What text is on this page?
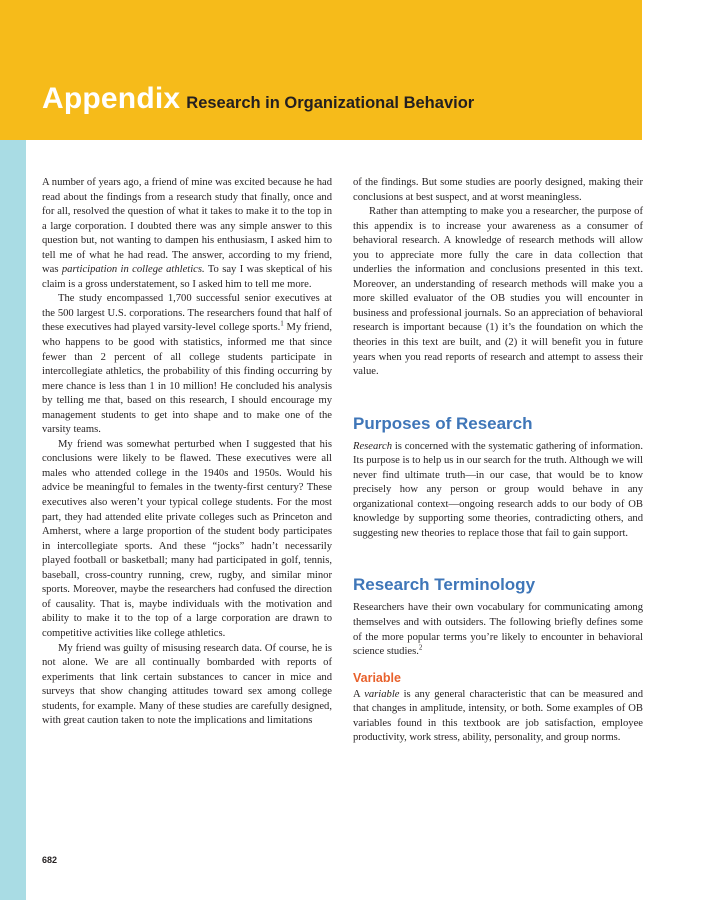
Appendix Research in Organizational Behavior

A number of years ago, a friend of mine was excited because he had read about the findings from a research study that finally, once and for all, resolved the question of what it takes to make it to the top in a large corporation. I doubted there was any simple answer to this question but, not wanting to dampen his enthusiasm, I asked him to tell me of what he had read. The answer, according to my friend, was participation in college athletics. To say I was skeptical of his claim is a gross understatement, so I asked him to tell me more.

The study encompassed 1,700 successful senior executives at the 500 largest U.S. corporations. The researchers found that half of these executives had played varsity-level college sports.$^1$ My friend, who happens to be good with statistics, informed me that since fewer than 2 percent of all college students participate in intercollegiate athletics, the probability of this finding occurring by mere chance is less than 1 in 10 million! He concluded his analysis by telling me that, based on this research, I should encourage my management students to get into shape and to make one of the varsity teams.

My friend was somewhat perturbed when I suggested that his conclusions were likely to be flawed. These executives were all males who attended college in the 1940s and 1950s. Would his advice be meaningful to females in the twenty-first century? These executives also weren’t your typical college students. For the most part, they had attended elite private colleges such as Princeton and Amherst, where a large proportion of the student body participates in intercollegiate sports. And these “jocks” hadn’t necessarily played football or basketball; many had participated in golf, tennis, baseball, cross-country running, crew, rugby, and similar minor sports. Moreover, maybe the researchers had confused the direction of causality. That is, maybe individuals with the motivation and ability to make it to the top of a large corporation are drawn to competitive activities like college athletics.

My friend was guilty of misusing research data. Of course, he is not alone. We are all continually bombarded with reports of experiments that link certain substances to cancer in mice and surveys that show changing attitudes toward sex among college students, for example. Many of these studies are carefully designed, with great caution taken to note the implications and limitations

of the findings. But some studies are poorly designed, making their conclusions at best suspect, and at worst meaningless.

Rather than attempting to make you a researcher, the purpose of this appendix is to increase your awareness as a consumer of behavioral research. A knowledge of research methods will allow you to appreciate more fully the care in data collection that underlies the information and conclusions presented in this text. Moreover, an understanding of research methods will make you a more skilled evaluator of the OB studies you will encounter in business and professional journals. So an appreciation of behavioral research is important because (1) it’s the foundation on which the theories in this text are built, and (2) it will benefit you in future years when you read reports of research and attempt to assess their value.

Purposes of Research

Research is concerned with the systematic gathering of information. Its purpose is to help us in our search for the truth. Although we will never find ultimate truth—in our case, that would be to know precisely how any person or group would behave in any organizational context—ongoing research adds to our body of OB knowledge by supporting some theories, contradicting others, and suggesting new theories to replace those that fail to gain support.

Research Terminology

Researchers have their own vocabulary for communicating among themselves and with outsiders. The following briefly defines some of the more popular terms you’re likely to encounter in behavioral science studies.$^2$

Variable

A variable is any general characteristic that can be measured and that changes in amplitude, intensity, or both. Some examples of OB variables found in this textbook are job satisfaction, employee productivity, work stress, ability, personality, and group norms.

682
